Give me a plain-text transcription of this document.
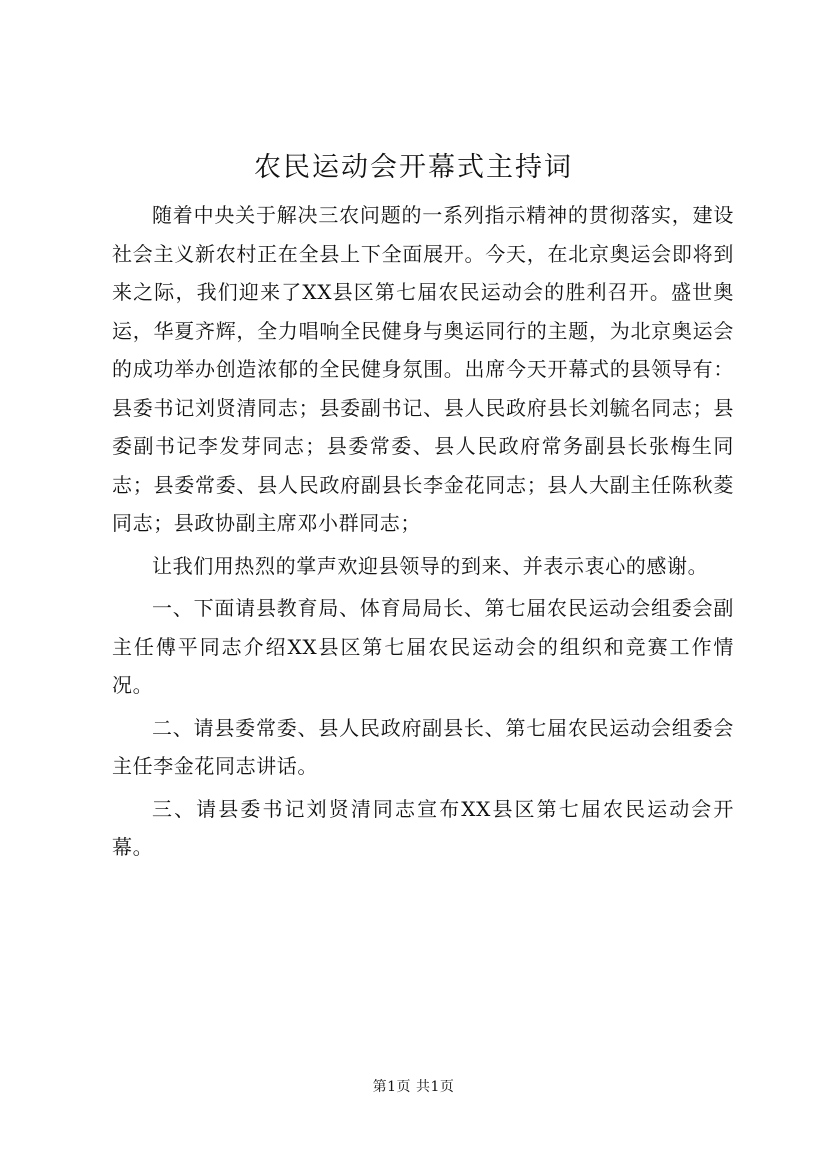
农民运动会开幕式主持词

随着中央关于解决三农问题的一系列指示精神的贯彻落实，建设社会主义新农村正在全县上下全面展开。今天，在北京奥运会即将到来之际，我们迎来了XX县区第七届农民运动会的胜利召开。盛世奥运，华夏齐辉，全力唱响全民健身与奥运同行的主题，为北京奥运会的成功举办创造浓郁的全民健身氛围。出席今天开幕式的县领导有：县委书记刘贤清同志；县委副书记、县人民政府县长刘毓名同志；县委副书记李发芽同志；县委常委、县人民政府常务副县长张梅生同志；县委常委、县人民政府副县长李金花同志；县人大副主任陈秋菱同志；县政协副主席邓小群同志；

让我们用热烈的掌声欢迎县领导的到来、并表示衷心的感谢。

一、下面请县教育局、体育局局长、第七届农民运动会组委会副主任傅平同志介绍XX县区第七届农民运动会的组织和竞赛工作情况。

二、请县委常委、县人民政府副县长、第七届农民运动会组委会主任李金花同志讲话。

三、请县委书记刘贤清同志宣布XX县区第七届农民运动会开幕。

第1页 共1页
